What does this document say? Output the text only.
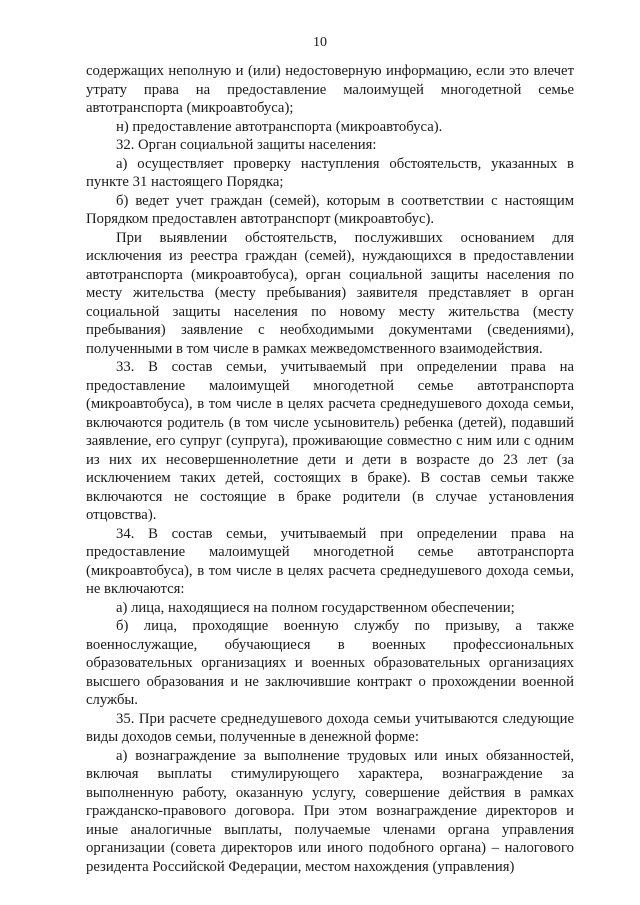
10

содержащих неполную и (или) недостоверную информацию, если это влечет утрату права на предоставление малоимущей многодетной семье автотранспорта (микроавтобуса);

н) предоставление автотранспорта (микроавтобуса).

32. Орган социальной защиты населения:

а) осуществляет проверку наступления обстоятельств, указанных в пункте 31 настоящего Порядка;

б) ведет учет граждан (семей), которым в соответствии с настоящим Порядком предоставлен автотранспорт (микроавтобус).

При выявлении обстоятельств, послуживших основанием для исключения из реестра граждан (семей), нуждающихся в предоставлении автотранспорта (микроавтобуса), орган социальной защиты населения по месту жительства (месту пребывания) заявителя представляет в орган социальной защиты населения по новому месту жительства (месту пребывания) заявление с необходимыми документами (сведениями), полученными в том числе в рамках межведомственного взаимодействия.

33. В состав семьи, учитываемый при определении права на предоставление малоимущей многодетной семье автотранспорта (микроавтобуса), в том числе в целях расчета среднедушевого дохода семьи, включаются родитель (в том числе усыновитель) ребенка (детей), подавший заявление, его супруг (супруга), проживающие совместно с ним или с одним из них их несовершеннолетние дети и дети в возрасте до 23 лет (за исключением таких детей, состоящих в браке). В состав семьи также включаются не состоящие в браке родители (в случае установления отцовства).

34. В состав семьи, учитываемый при определении права на предоставление малоимущей многодетной семье автотранспорта (микроавтобуса), в том числе в целях расчета среднедушевого дохода семьи, не включаются:

а) лица, находящиеся на полном государственном обеспечении;

б) лица, проходящие военную службу по призыву, а также военнослужащие, обучающиеся в военных профессиональных образовательных организациях и военных образовательных организациях высшего образования и не заключившие контракт о прохождении военной службы.

35. При расчете среднедушевого дохода семьи учитываются следующие виды доходов семьи, полученные в денежной форме:

а) вознаграждение за выполнение трудовых или иных обязанностей, включая выплаты стимулирующего характера, вознаграждение за выполненную работу, оказанную услугу, совершение действия в рамках гражданско-правового договора. При этом вознаграждение директоров и иные аналогичные выплаты, получаемые членами органа управления организации (совета директоров или иного подобного органа) – налогового резидента Российской Федерации, местом нахождения (управления)
